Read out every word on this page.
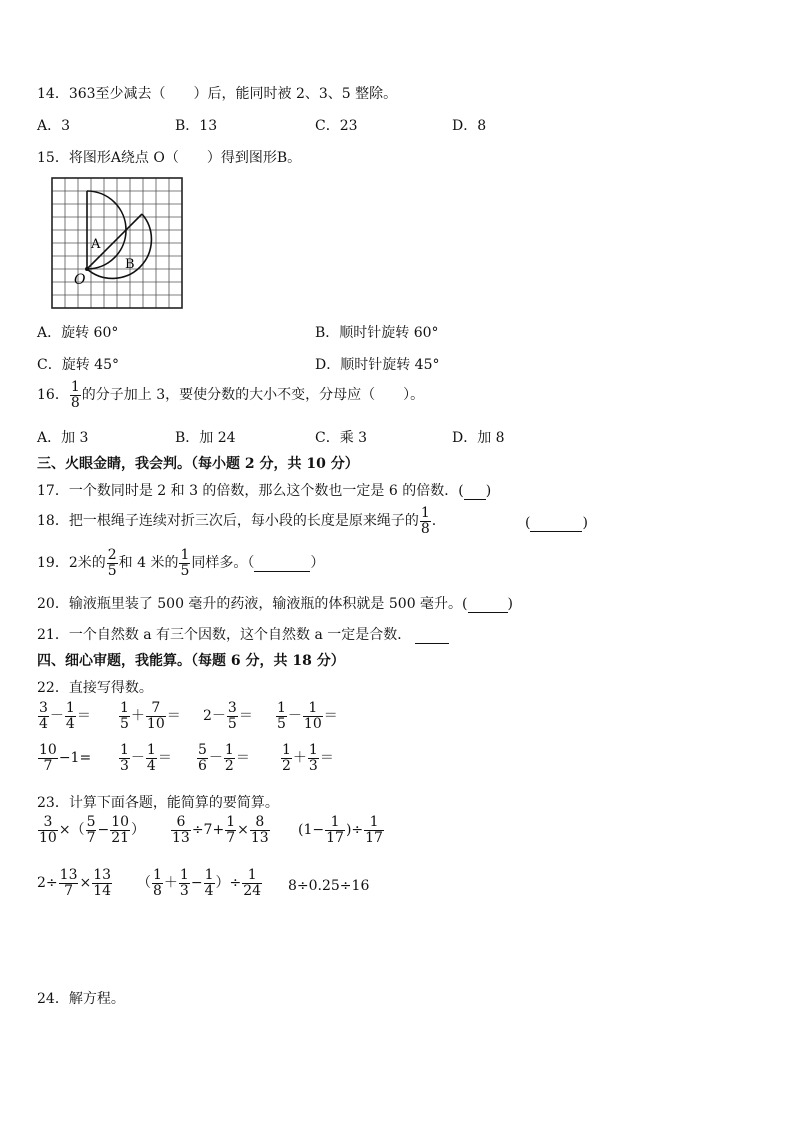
14．363至少减去（　　）后，能同时被 2、3、5 整除。
A．3	B．13	C．23	D．8
15．将图形A绕点 O（　　）得到图形B。
A
B
O
A．旋转 60°	B．顺时针旋转 60°
C．旋转 45°	D．顺时针旋转 45°
16． $\frac{1}{8}$ 的分子加上 3，要使分数的大小不变，分母应（　　）。
A．加 3	B．加 24	C．乘 3	D．加 8
三、火眼金睛，我会判。（每小题 2 分，共 10 分）
17．一个数同时是 2 和 3 的倍数，那么这个数也一定是 6 的倍数．( )
18．把一根绳子连续对折三次后，每小段的长度是原来绳子的 $\frac{1}{8}$ .	(	)
19．2米的 $\frac{2}{5}$ 和 4 米的 $\frac{1}{5}$ 同样多。（	）
20．输液瓶里装了 500 毫升的药液，输液瓶的体积就是 500 毫升。(	)
21．一个自然数 a 有三个因数，这个自然数 a 一定是合数．
四、细心审题，我能算。（每题 6 分，共 18 分）
22．直接写得数。
$\frac{3}{4} - \frac{1}{4} = \frac{1}{5} + \frac{7}{10} = 2- \frac{3}{5} = \frac{1}{5} - \frac{1}{10}$ ＝
$\frac{10}{7} -1= \frac{1}{3} - \frac{1}{4} = \frac{5}{6} - \frac{1}{2} = \frac{1}{2} + \frac{1}{3}$ ＝
23．计算下面各题，能简算的要简算。
$\frac{3}{10}$ ×（ $\frac{5}{7} - \frac{10}{21}$ ） $\frac{6}{13} \div 7+ \frac{1}{7} \times \frac{8}{13} (1- \frac{1}{17}$ )÷ $\frac{1}{17}$
$2\div \frac{13}{7} \times \frac{13}{14}$ （ $\frac{1}{8} + \frac{1}{3} - \frac{1}{4}$ ）÷ $\frac{1}{24} 8\div 0.25\div 16$
24．解方程。
